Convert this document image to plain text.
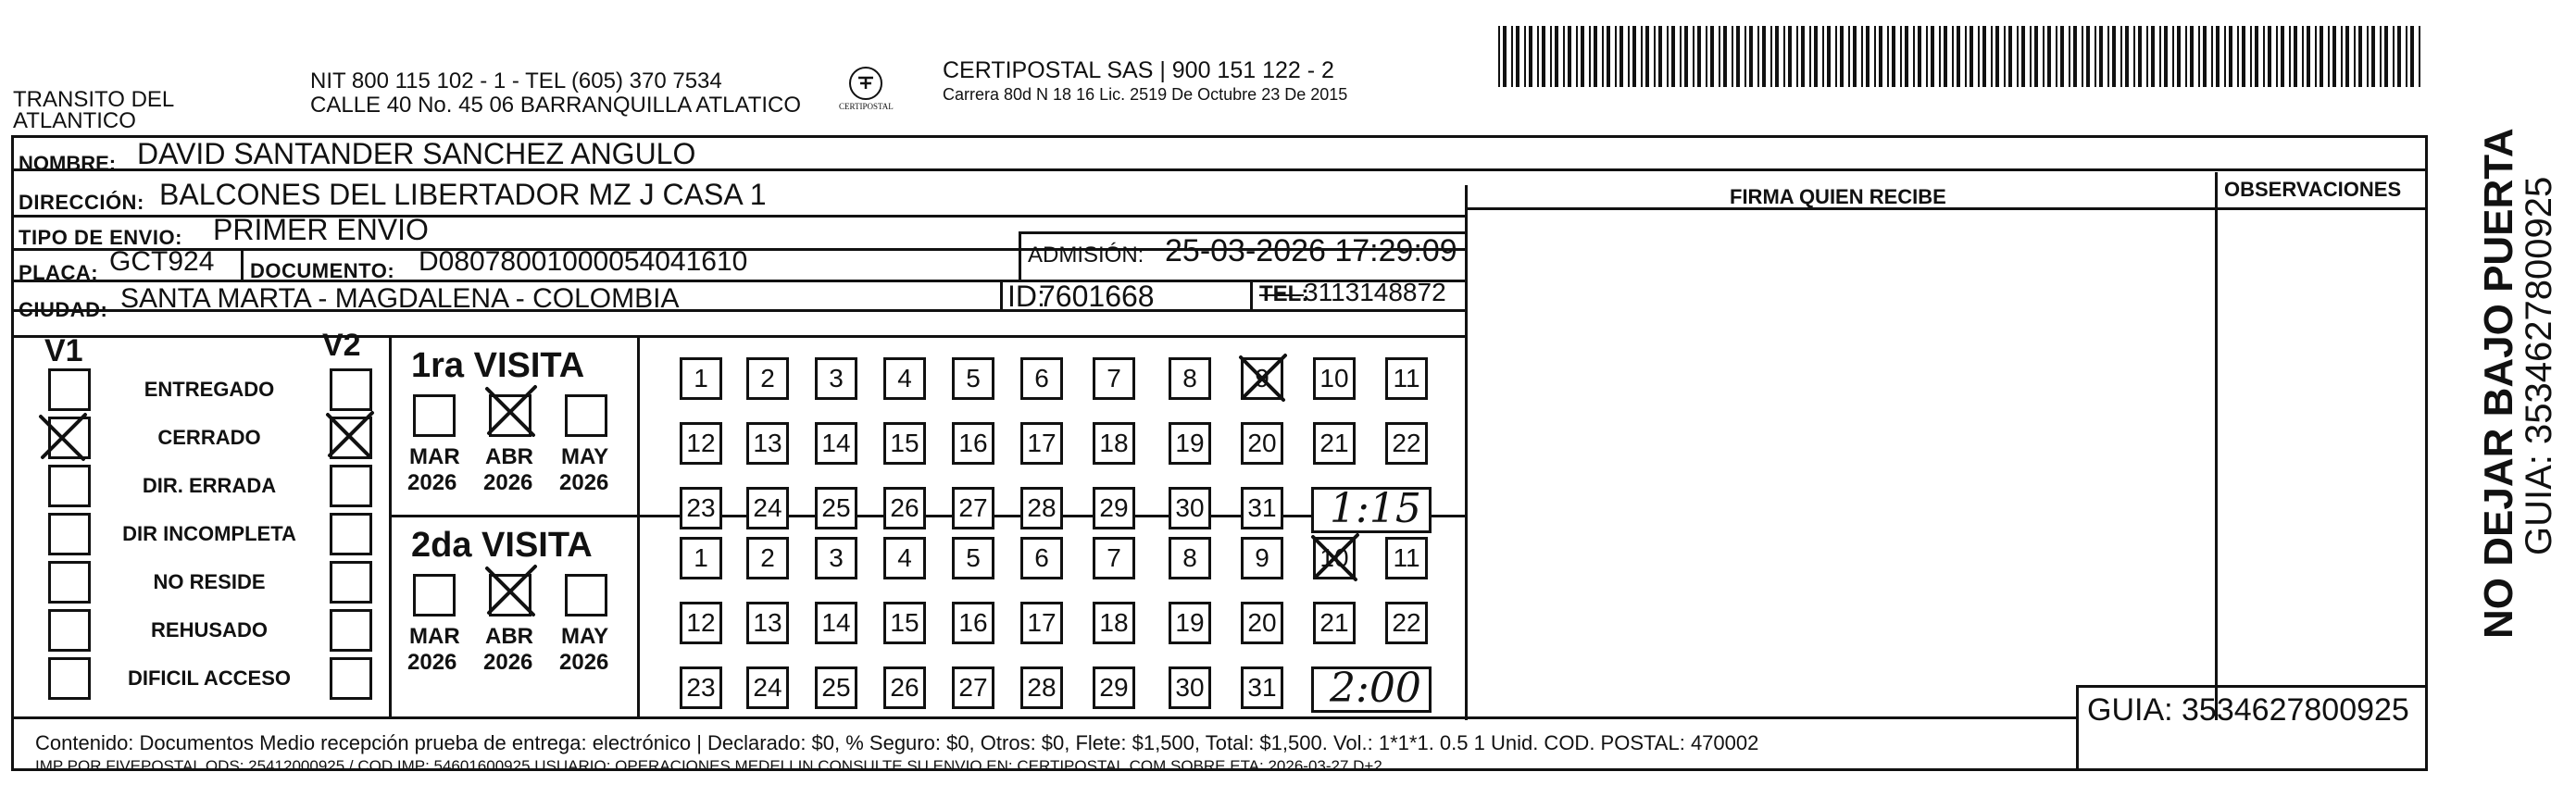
TRANSITO DEL
ATLANTICO
NIT 800 115 102 - 1 - TEL (605) 370 7534
CALLE 40 No. 45 06 BARRANQUILLA ATLATICO	CERTIPOSTAL
CERTIPOSTAL SAS | 900 151 122 - 2
Carrera 80d N 18 16 Lic. 2519 De Octubre 23 De 2015
NOMBRE: DAVID SANTANDER SANCHEZ ANGULO
DIRECCIÓN: BALCONES DEL LIBERTADOR MZ J CASA 1
TIPO DE ENVIO: PRIMER ENVIO
PLACA: GCT924 DOCUMENTO: D08078001000054041610	ADMISIÓN: 25-03-2026 17:29:09
CIUDAD: SANTA MARTA - MAGDALENA - COLOMBIA	ID:
7601668	TEL:
3113148872
FIRMA QUIEN RECIBE	OBSERVACIONES
V1	V2
ENTREGADO
CERRADO
DIR. ERRADA
DIR INCOMPLETA
NO RESIDE
REHUSADO
DIFICIL ACCESO
1ra VISITA
MAR
2026
ABR
2026
MAY
2026
1	2	3	4	5	6	7	8	9	10	11
12 13 14 15 16 17 18 19 20 21 22
23 24 25 26 27 28 29 30 31 1:15
2da VISITA
MAR
2026
ABR
2026
MAY
2026
1	2	3	4	5	6	7	8	9	10	11
12 13 14 15 16 17 18 19 20 21 22
23 24 25 26 27 28 29 30 31 2:00
Contenido: Documentos Medio recepción prueba de entrega: electrónico | Declarado: $0, % Seguro: $0, Otros: $0, Flete: $1,500, Total: $1,500. Vol.: 1*1*1. 0.5 1 Unid. COD. POSTAL: 470002
IMP POR FIVEPOSTAL ODS: 25412000925 / COD.IMP: 54601600925 USUARIO: OPERACIONES MEDELLIN CONSULTE SU ENVIO EN: CERTIPOSTAL.COM SOBRE ETA: 2026-03-27 D+2
GUIA: 3534627800925
NO DEJAR BAJO PUERTA
GUIA: 3534627800925
